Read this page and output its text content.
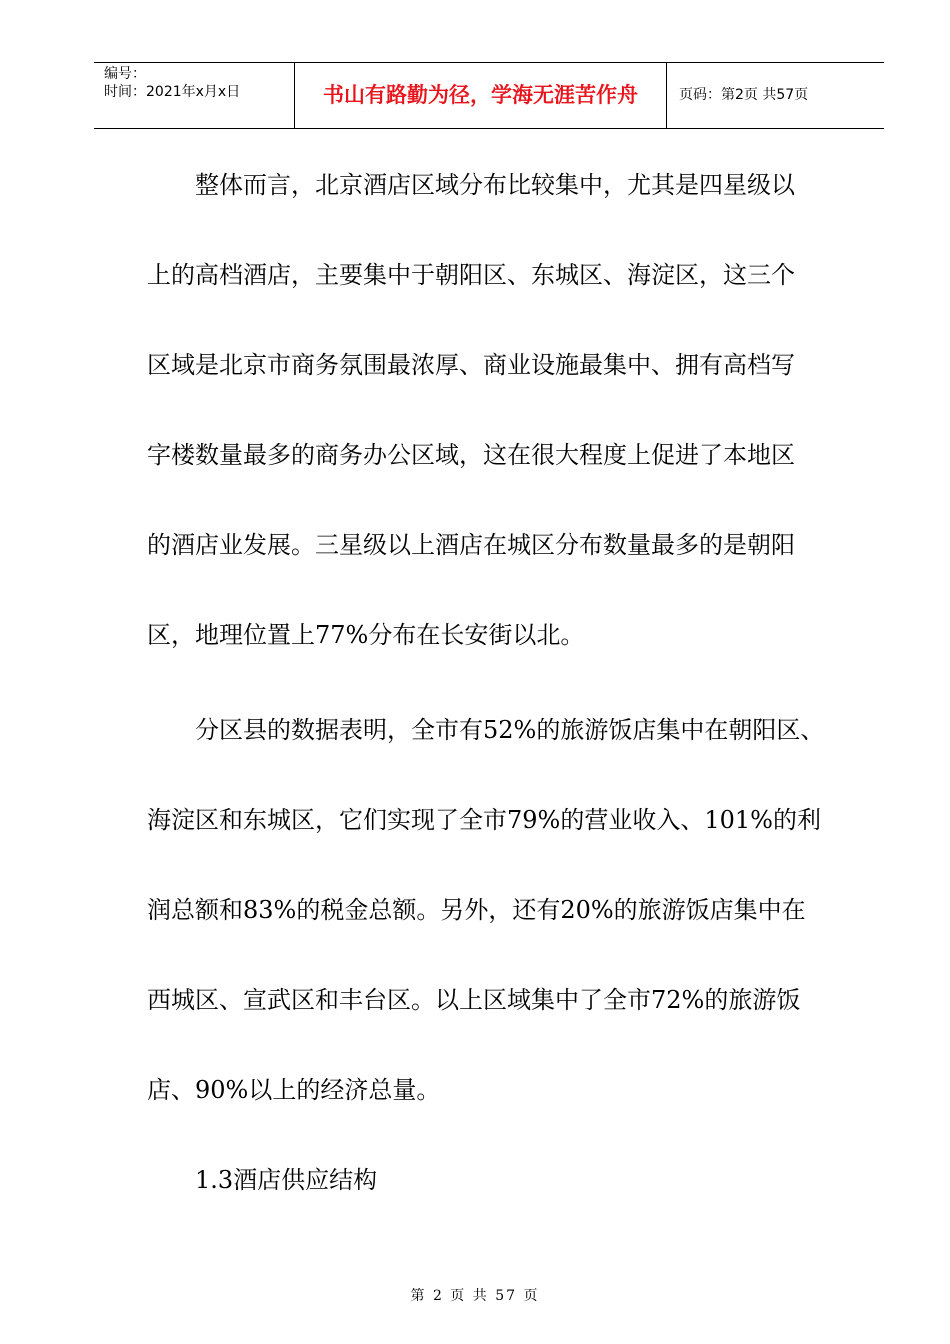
编号：
时间：2021年x月x日	书山有路勤为径，学海无涯苦作舟	页码：第2页 共57页
整体而言，北京酒店区域分布比较集中，尤其是四星级以
上的高档酒店，主要集中于朝阳区、东城区、海淀区，这三个
区域是北京市商务氛围最浓厚、商业设施最集中、拥有高档写
字楼数量最多的商务办公区域，这在很大程度上促进了本地区
的酒店业发展。三星级以上酒店在城区分布数量最多的是朝阳
区，地理位置上77%分布在长安街以北。
分区县的数据表明，全市有52%的旅游饭店集中在朝阳区、
海淀区和东城区，它们实现了全市79%的营业收入、101%的利
润总额和83%的税金总额。另外，还有20%的旅游饭店集中在
西城区、宣武区和丰台区。以上区域集中了全市72%的旅游饭
店、90%以上的经济总量。
1.3酒店供应结构
第 2 页 共 57 页
